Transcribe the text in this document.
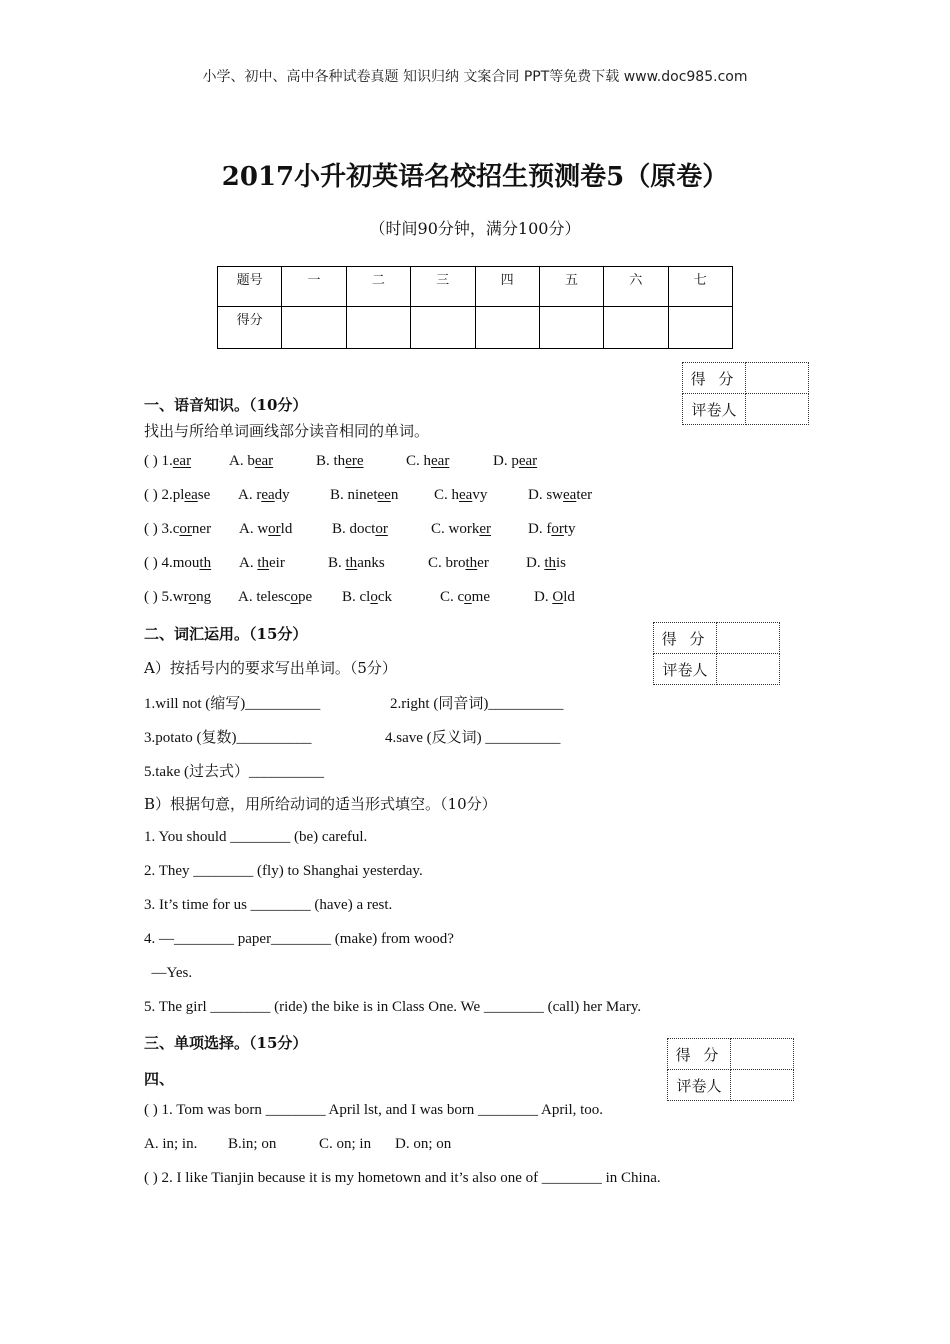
小学、初中、高中各种试卷真题 知识归纳 文案合同 PPT等免费下载 www.doc985.com
2017小升初英语名校招生预测卷5（原卷）
（时间90分钟，满分100分）
题号	一	二	三	四	五	六	七
得分							
得 分	
评卷人	
一、语音知识。（10分）
找出与所给单词画线部分读音相同的单词。
( ) 1.ear	A. bear	B. there	C. hear	D. pear
( ) 2.please A. ready	B. nineteen C. heavy	D. sweater
( ) 3.corner A. world	B. doctor	C. worker D. forty
( ) 4.mouth A. their	B. thanks	C. brother D. this
( ) 5.wrong A. telescope B. clock	C. come	D. Old
得 分	
评卷人	
二、词汇运用。（15分）
A）按括号内的要求写出单词。（5分）
1.will not (缩写)__________	2.right (同音词)__________
3.potato (复数)__________	4.save (反义词) __________
5.take (过去式）__________
B）根据句意，用所给动词的适当形式填空。（10分）
1. You should ________ (be) careful.
2. They ________ (fly) to Shanghai yesterday.
3. It’s time for us ________ (have) a rest.
4. —________ paper________ (make) from wood?
—Yes.
5. The girl ________ (ride) the bike is in Class One. We ________ (call) her Mary.
得 分	
评卷人	
三、单项选择。（15分）
四、
( ) 1. Tom was born ________ April lst, and I was born ________ April, too.
A. in; in. B.in; on	C. on; in D. on; on
( ) 2. I like Tianjin because it is my hometown and it’s also one of ________ in China.
